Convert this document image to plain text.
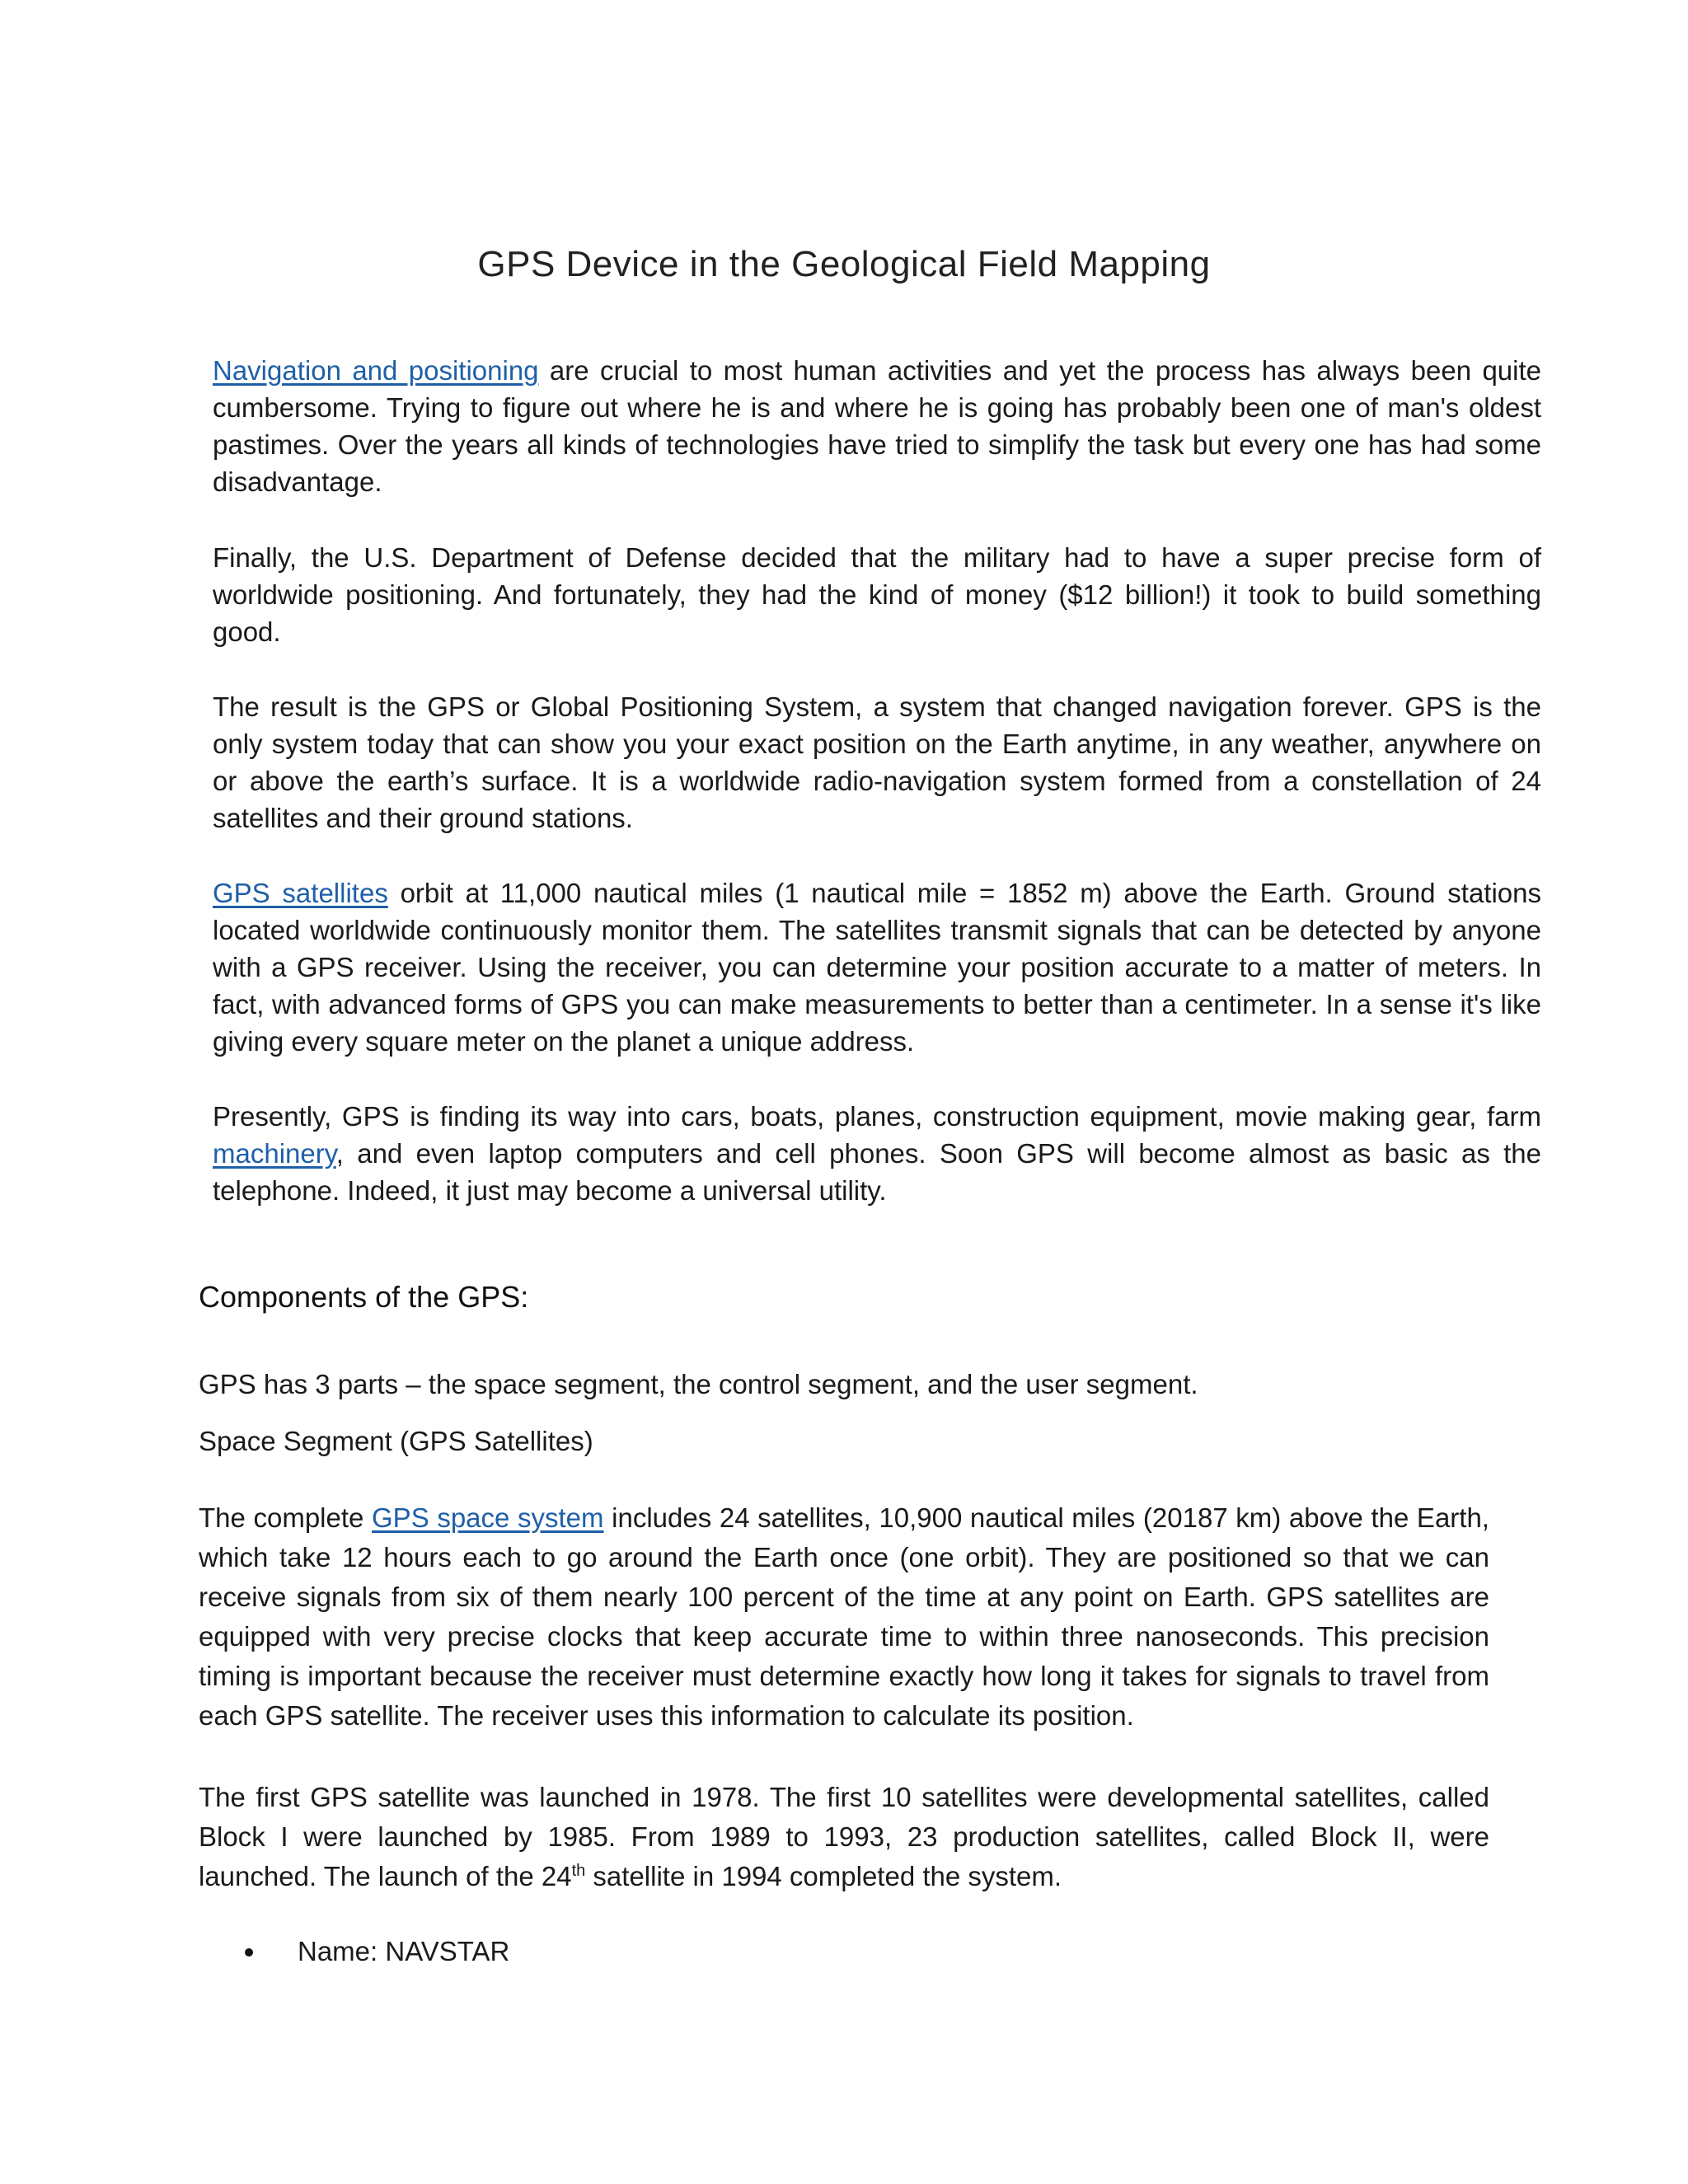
GPS Device in the Geological Field Mapping

Navigation and positioning are crucial to most human activities and yet the process has always been quite cumbersome. Trying to figure out where he is and where he is going has probably been one of man's oldest pastimes. Over the years all kinds of technologies have tried to simplify the task but every one has had some disadvantage.

Finally, the U.S. Department of Defense decided that the military had to have a super precise form of worldwide positioning. And fortunately, they had the kind of money ($12 billion!) it took to build something good.

The result is the GPS or Global Positioning System, a system that changed navigation forever. GPS is the only system today that can show you your exact position on the Earth anytime, in any weather, anywhere on or above the earth’s surface. It is a worldwide radio-navigation system formed from a constellation of 24 satellites and their ground stations.

GPS satellites orbit at 11,000 nautical miles (1 nautical mile = 1852 m) above the Earth. Ground stations located worldwide continuously monitor them. The satellites transmit signals that can be detected by anyone with a GPS receiver. Using the receiver, you can determine your position accurate to a matter of meters. In fact, with advanced forms of GPS you can make measurements to better than a centimeter. In a sense it's like giving every square meter on the planet a unique address.

Presently, GPS is finding its way into cars, boats, planes, construction equipment, movie making gear, farm machinery, and even laptop computers and cell phones. Soon GPS will become almost as basic as the telephone. Indeed, it just may become a universal utility.

Components of the GPS:

GPS has 3 parts – the space segment, the control segment, and the user segment.

Space Segment (GPS Satellites)

The complete GPS space system includes 24 satellites, 10,900 nautical miles (20187 km) above the Earth, which take 12 hours each to go around the Earth once (one orbit). They are positioned so that we can receive signals from six of them nearly 100 percent of the time at any point on Earth. GPS satellites are equipped with very precise clocks that keep accurate time to within three nanoseconds. This precision timing is important because the receiver must determine exactly how long it takes for signals to travel from each GPS satellite. The receiver uses this information to calculate its position.

The first GPS satellite was launched in 1978. The first 10 satellites were developmental satellites, called Block I were launched by 1985. From 1989 to 1993, 23 production satellites, called Block II, were launched. The launch of the 24th satellite in 1994 completed the system.

Name: NAVSTAR
